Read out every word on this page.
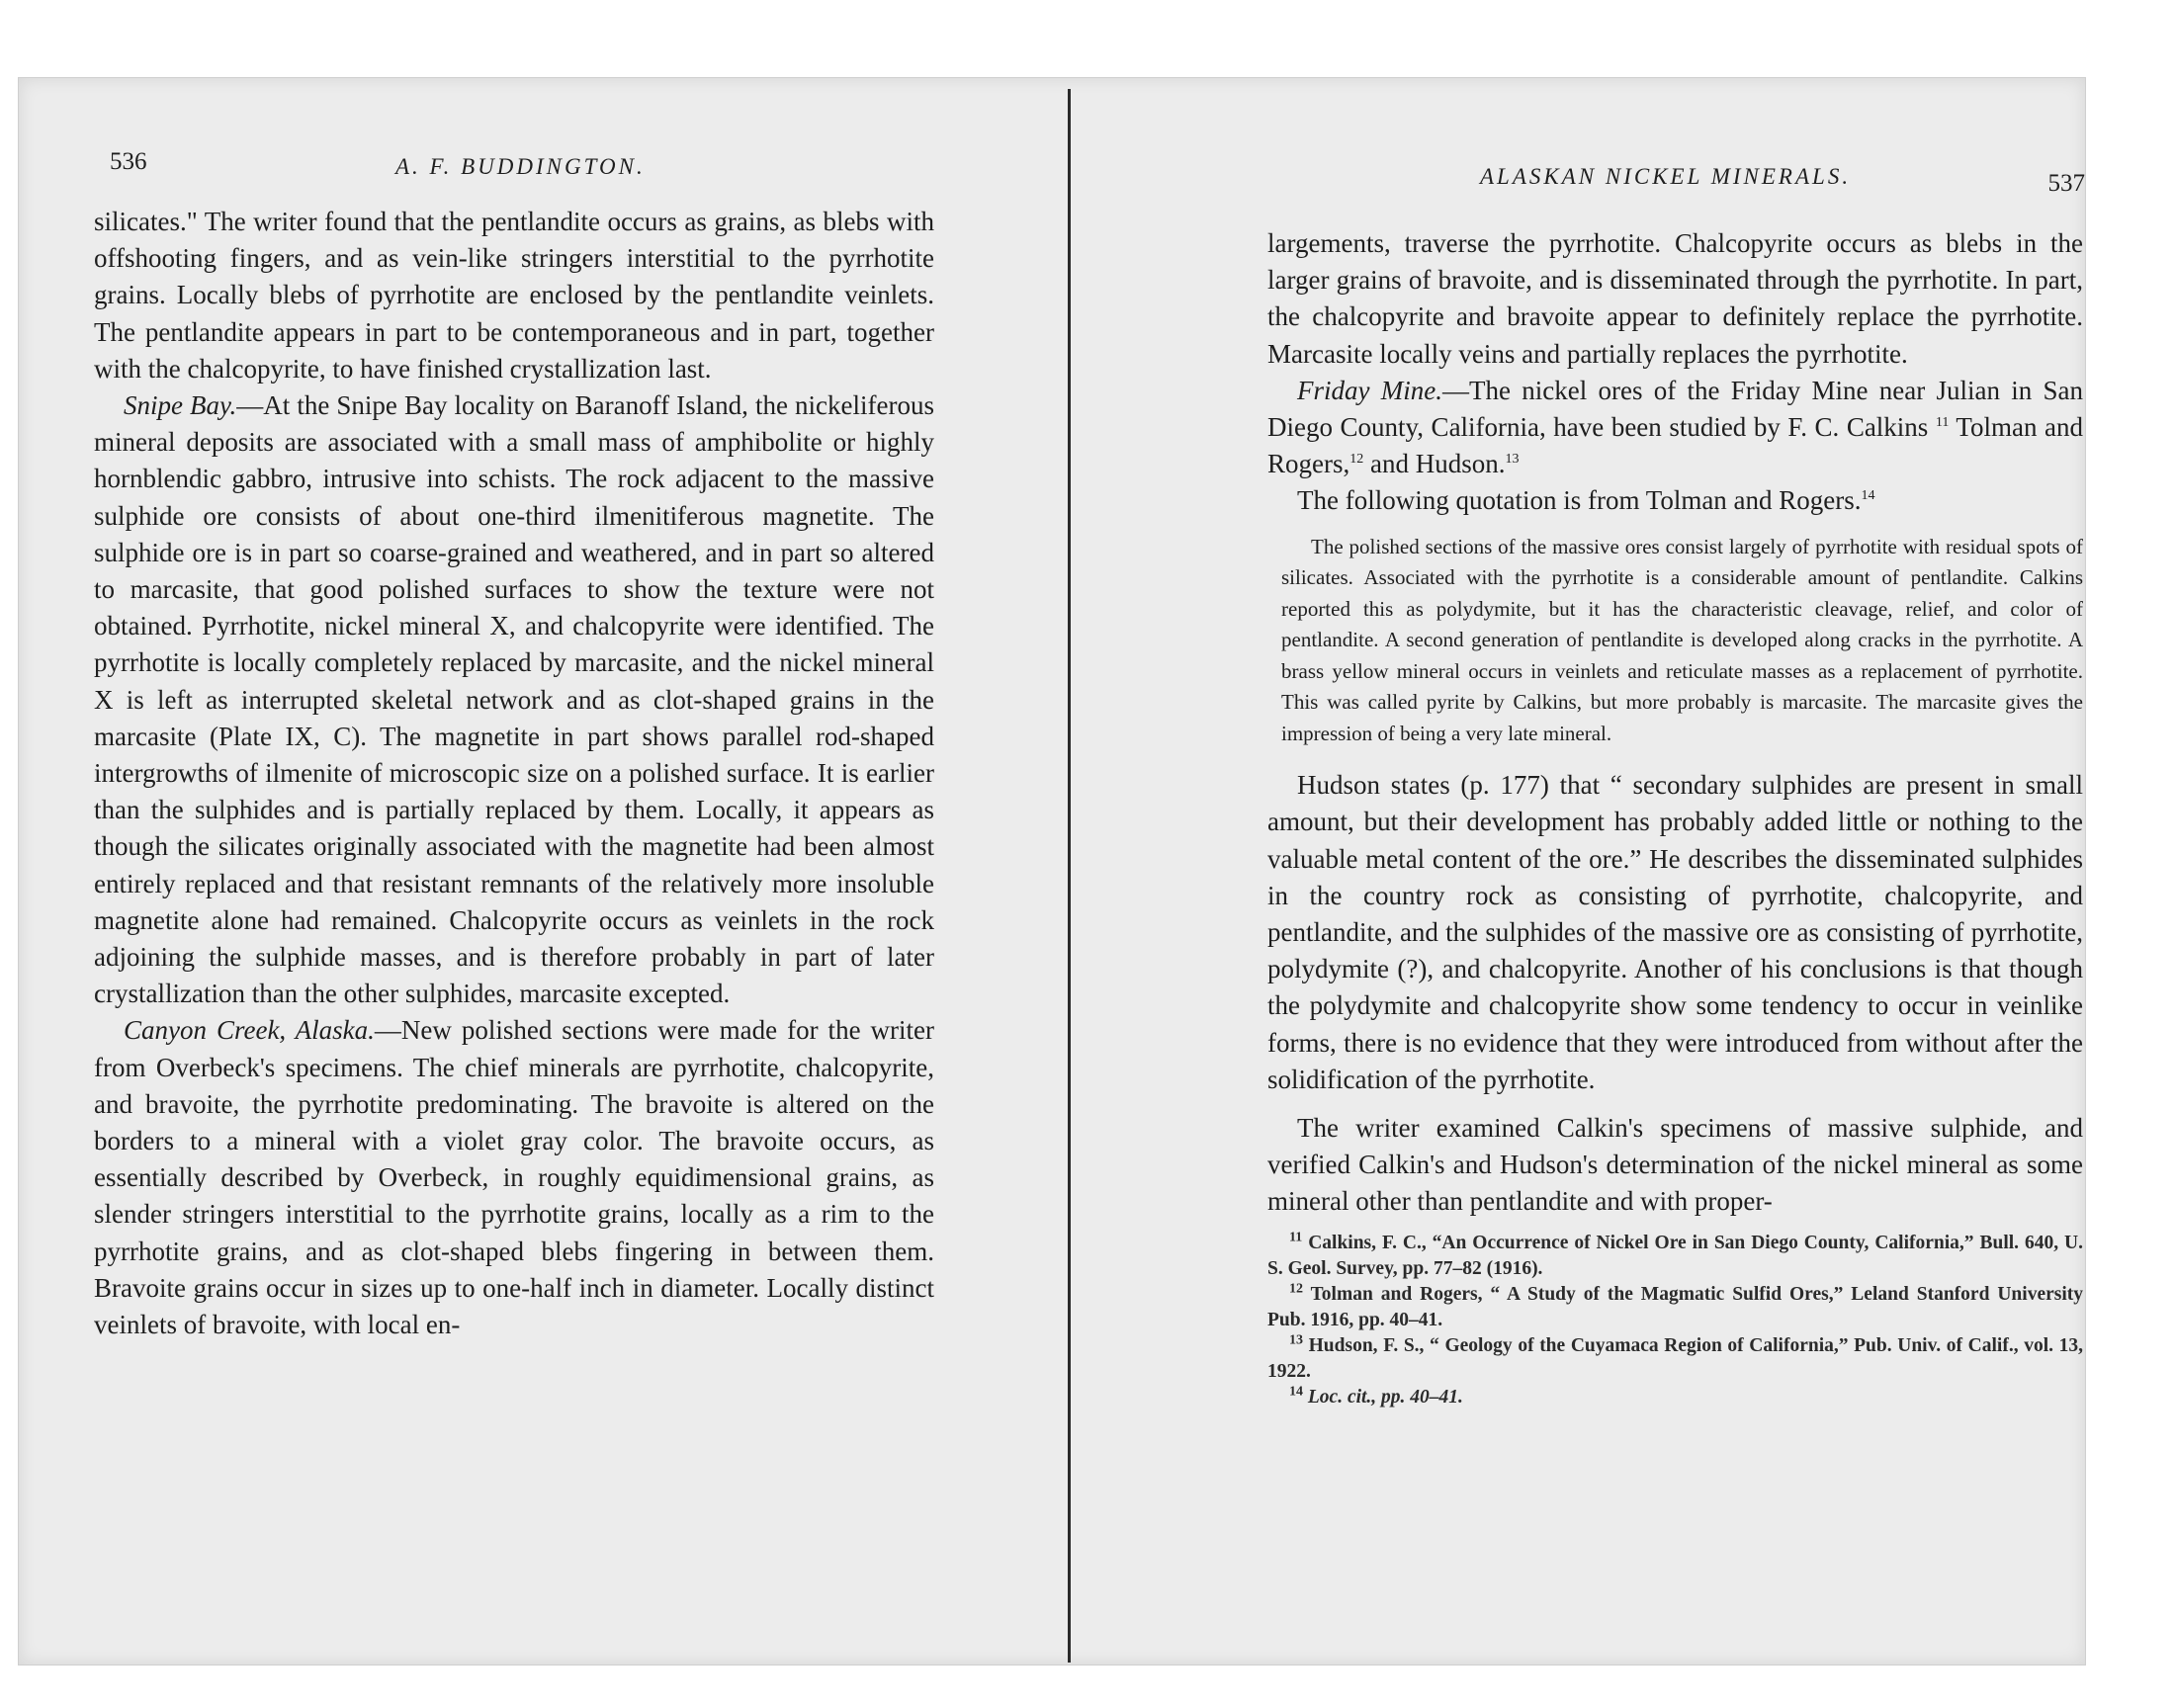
536	A. F. BUDDINGTON.

silicates." The writer found that the pentlandite occurs as grains, as blebs with offshooting fingers, and as vein-like stringers interstitial to the pyrrhotite grains. Locally blebs of pyrrhotite are enclosed by the pentlandite veinlets. The pentlandite appears in part to be contemporaneous and in part, together with the chalcopyrite, to have finished crystallization last.

Snipe Bay.—At the Snipe Bay locality on Baranoff Island, the nickeliferous mineral deposits are associated with a small mass of amphibolite or highly hornblendic gabbro, intrusive into schists. The rock adjacent to the massive sulphide ore consists of about one-third ilmenitiferous magnetite. The sulphide ore is in part so coarse-grained and weathered, and in part so altered to marcasite, that good polished surfaces to show the texture were not obtained. Pyrrhotite, nickel mineral X, and chalcopyrite were identified. The pyrrhotite is locally completely replaced by marcasite, and the nickel mineral X is left as interrupted skeletal network and as clot-shaped grains in the marcasite (Plate IX, C). The magnetite in part shows parallel rod-shaped intergrowths of ilmenite of microscopic size on a polished surface. It is earlier than the sulphides and is partially replaced by them. Locally, it appears as though the silicates originally associated with the magnetite had been almost entirely replaced and that resistant remnants of the relatively more insoluble magnetite alone had remained. Chalcopyrite occurs as veinlets in the rock adjoining the sulphide masses, and is therefore probably in part of later crystallization than the other sulphides, marcasite excepted.

Canyon Creek, Alaska.—New polished sections were made for the writer from Overbeck's specimens. The chief minerals are pyrrhotite, chalcopyrite, and bravoite, the pyrrhotite predominating. The bravoite is altered on the borders to a mineral with a violet gray color. The bravoite occurs, as essentially described by Overbeck, in roughly equidimensional grains, as slender stringers interstitial to the pyrrhotite grains, locally as a rim to the pyrrhotite grains, and as clot-shaped blebs fingering in between them. Bravoite grains occur in sizes up to one-half inch in diameter. Locally distinct veinlets of bravoite, with local en-

ALASKAN NICKEL MINERALS.	537

largements, traverse the pyrrhotite. Chalcopyrite occurs as blebs in the larger grains of bravoite, and is disseminated through the pyrrhotite. In part, the chalcopyrite and bravoite appear to definitely replace the pyrrhotite. Marcasite locally veins and partially replaces the pyrrhotite.

Friday Mine.—The nickel ores of the Friday Mine near Julian in San Diego County, California, have been studied by F. C. Calkins $^{11}$ Tolman and Rogers,$^{12}$ and Hudson.$^{13}$

The following quotation is from Tolman and Rogers.$^{14}$

The polished sections of the massive ores consist largely of pyrrhotite with residual spots of silicates. Associated with the pyrrhotite is a considerable amount of pentlandite. Calkins reported this as polydymite, but it has the characteristic cleavage, relief, and color of pentlandite. A second generation of pentlandite is developed along cracks in the pyrrhotite. A brass yellow mineral occurs in veinlets and reticulate masses as a replacement of pyrrhotite. This was called pyrite by Calkins, but more probably is marcasite. The marcasite gives the impression of being a very late mineral.

Hudson states (p. 177) that “ secondary sulphides are present in small amount, but their development has probably added little or nothing to the valuable metal content of the ore.” He describes the disseminated sulphides in the country rock as consisting of pyrrhotite, chalcopyrite, and pentlandite, and the sulphides of the massive ore as consisting of pyrrhotite, polydymite (?), and chalcopyrite. Another of his conclusions is that though the polydymite and chalcopyrite show some tendency to occur in veinlike forms, there is no evidence that they were introduced from without after the solidification of the pyrrhotite.

The writer examined Calkin's specimens of massive sulphide, and verified Calkin's and Hudson's determination of the nickel mineral as some mineral other than pentlandite and with proper-

$^{11}$ Calkins, F. C., “An Occurrence of Nickel Ore in San Diego County, California,” Bull. 640, U. S. Geol. Survey, pp. 77–82 (1916).

$^{12}$ Tolman and Rogers, “ A Study of the Magmatic Sulfid Ores,” Leland Stanford University Pub. 1916, pp. 40–41.

$^{13}$ Hudson, F. S., “ Geology of the Cuyamaca Region of California,” Pub. Univ. of Calif., vol. 13, 1922.

$^{14}$ Loc. cit., pp. 40–41.
